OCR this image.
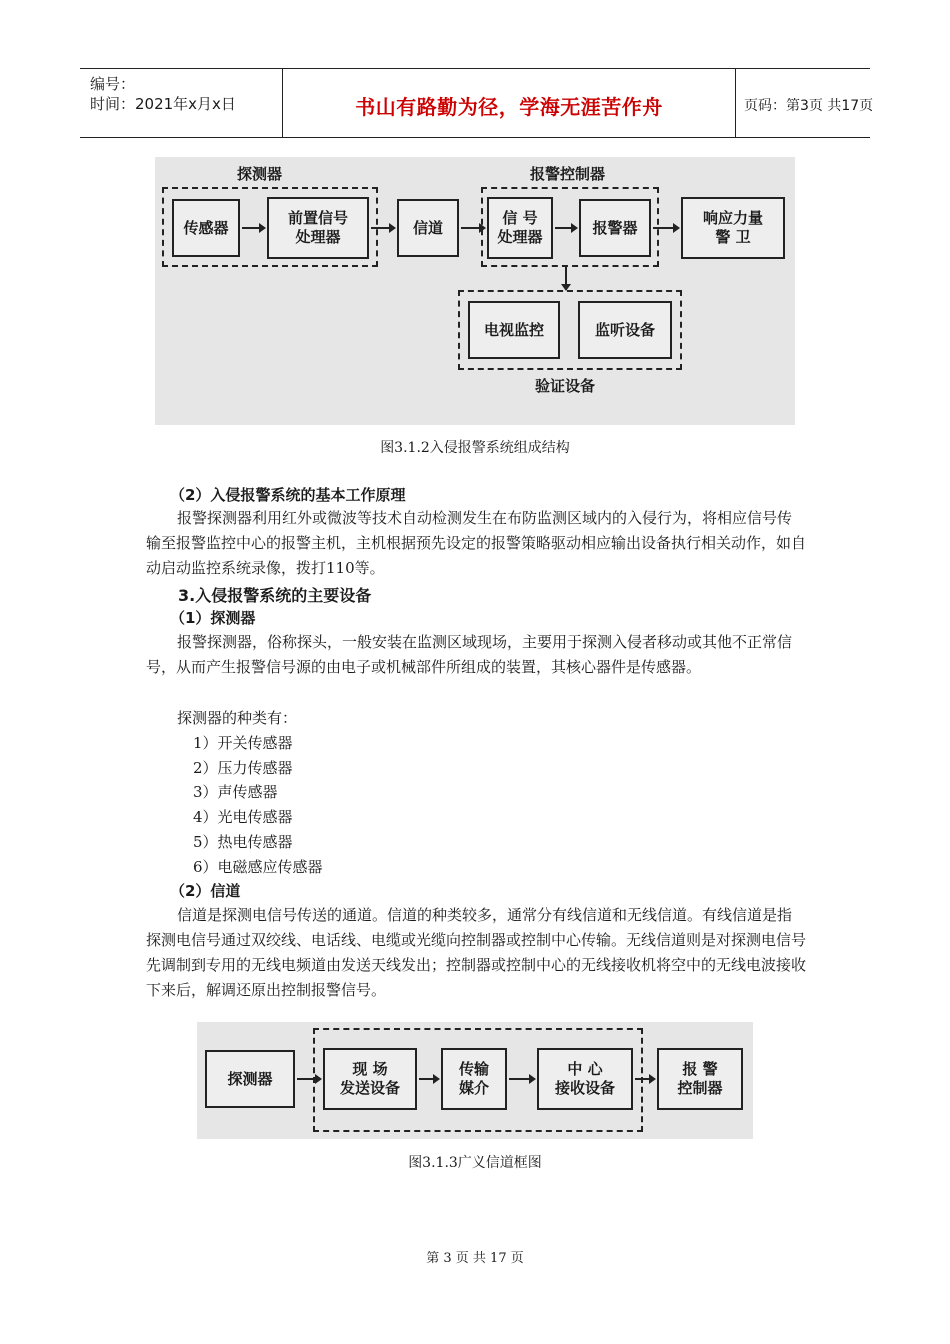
编号：
时间：2021年x月x日	书山有路勤为径，学海无涯苦作舟	页码：第3页 共17页
探测器	报警控制器
传感器
前置信号
处理器
信道
信 号
处理器
报警器
响应力量
警 卫
电视监控	监听设备
验证设备
图3.1.2入侵报警系统组成结构
（2）入侵报警系统的基本工作原理
报警探测器利用红外或微波等技术自动检测发生在布防监测区域内的入侵行为，将相应信号传输至报警监控中心的报警主机，主机根据预先设定的报警策略驱动相应输出设备执行相关动作，如自动启动监控系统录像，拨打110等。
3.入侵报警系统的主要设备
（1）探测器
报警探测器，俗称探头，一般安装在监测区域现场，主要用于探测入侵者移动或其他不正常信号，从而产生报警信号源的由电子或机械部件所组成的装置，其核心器件是传感器。
探测器的种类有：
1）开关传感器
2）压力传感器
3）声传感器
4）光电传感器
5）热电传感器
6）电磁感应传感器
（2）信道
信道是探测电信号传送的通道。信道的种类较多，通常分有线信道和无线信道。有线信道是指探测电信号通过双绞线、电话线、电缆或光缆向控制器或控制中心传输。无线信道则是对探测电信号先调制到专用的无线电频道由发送天线发出；控制器或控制中心的无线接收机将空中的无线电波接收下来后，解调还原出控制报警信号。
探测器
现 场
发送设备
传输
媒介
中 心
接收设备
报 警
控制器
图3.1.3广义信道框图
第 3 页 共 17 页
